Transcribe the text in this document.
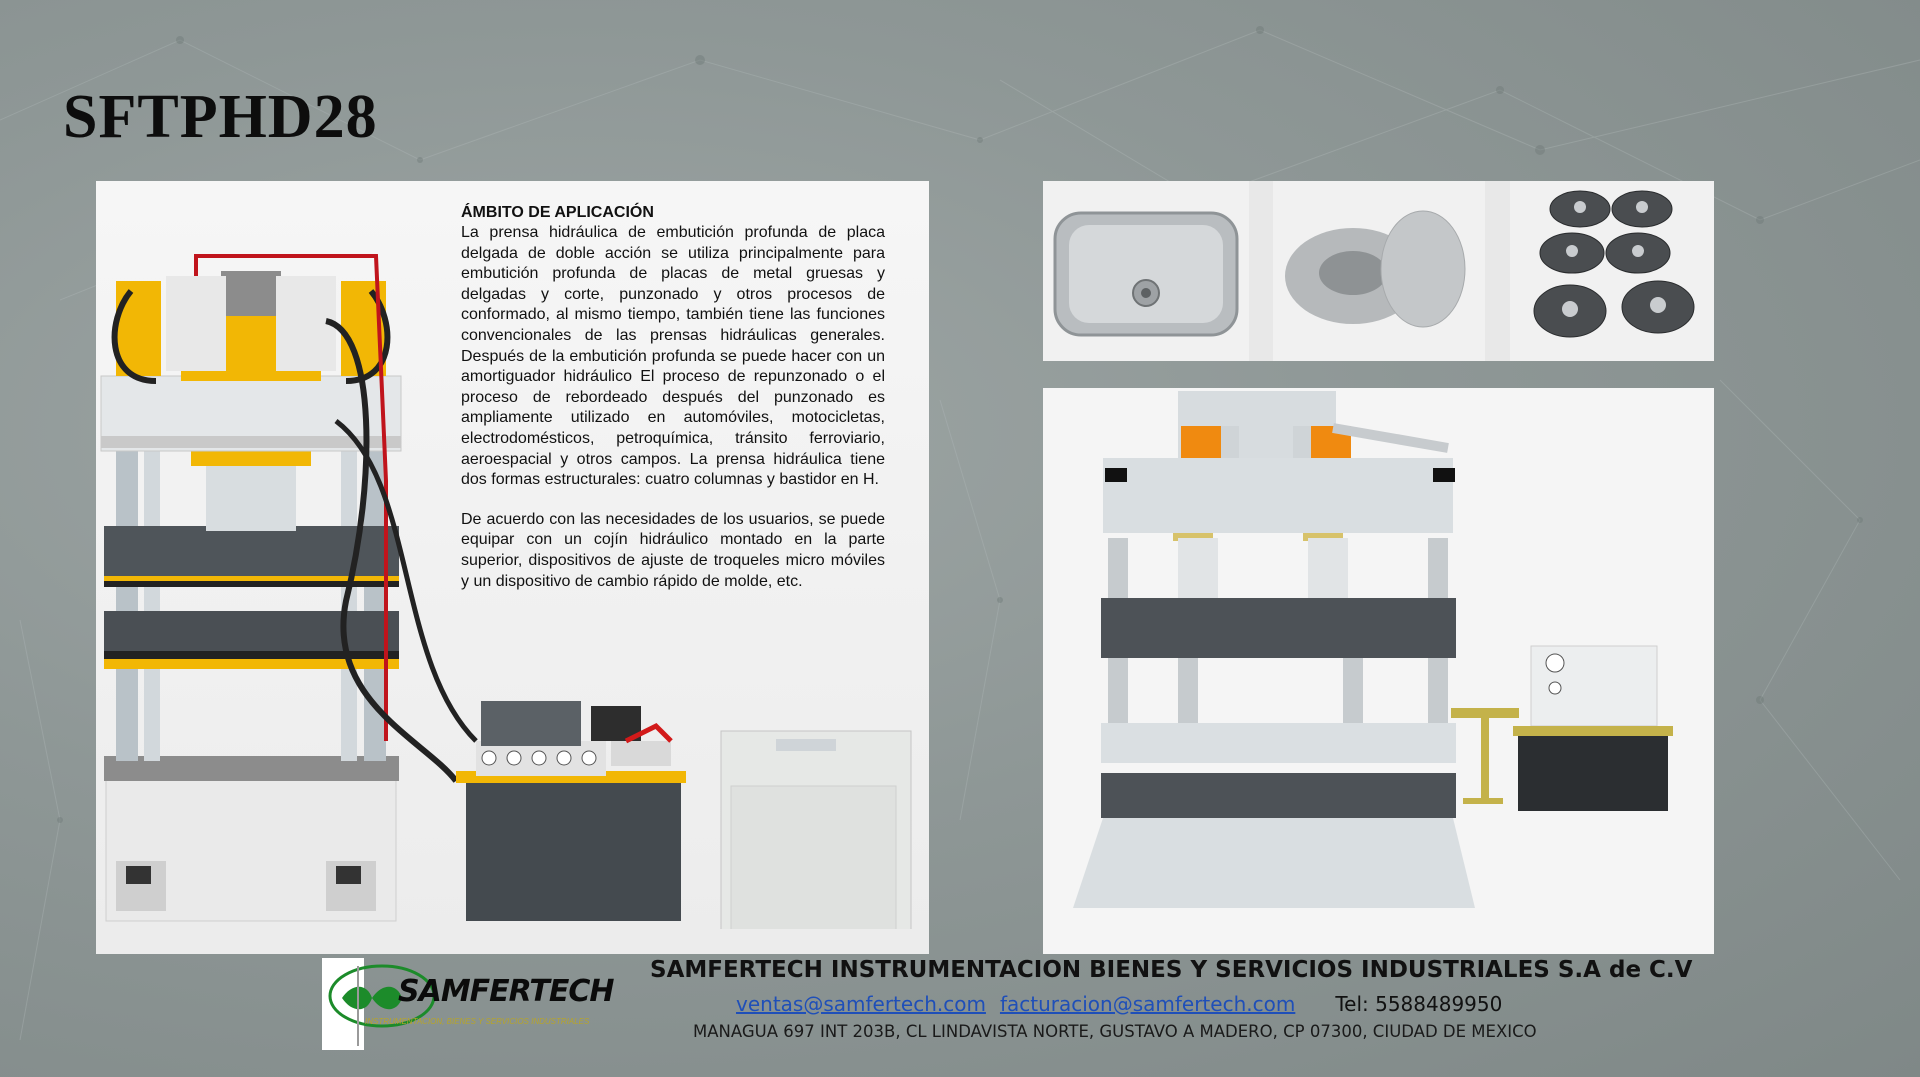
SFTPHD28
ÁMBITO DE APLICACIÓN

La prensa hidráulica de embutición profunda de placa delgada de doble acción se utiliza principalmente para embutición profunda de placas de metal gruesas y delgadas y corte, punzonado y otros procesos de conformado, al mismo tiempo, también tiene las funciones convencionales de las prensas hidráulicas generales. Después de la embutición profunda se puede hacer con un amortiguador hidráulico El proceso de repunzonado o el proceso de rebordeado después del punzonado es ampliamente utilizado en automóviles, motocicletas, electrodomésticos, petroquímica, tránsito ferroviario, aeroespacial y otros campos. La prensa hidráulica tiene dos formas estructurales: cuatro columnas y bastidor en H.

De acuerdo con las necesidades de los usuarios, se puede equipar con un cojín hidráulico montado en la parte superior, dispositivos de ajuste de troqueles micro móviles y un dispositivo de cambio rápido de molde, etc.

SAMFERTECH
INSTRUMENTACION, BIENES Y SERVICIOS INDUSTRIALES
SAMFERTECH INSTRUMENTACION BIENES Y SERVICIOS INDUSTRIALES S.A de C.V
ventas@samfertech.com facturacion@samfertech.com Tel: 5588489950
MANAGUA 697 INT 203B, CL LINDAVISTA NORTE, GUSTAVO A MADERO, CP 07300, CIUDAD DE MEXICO
